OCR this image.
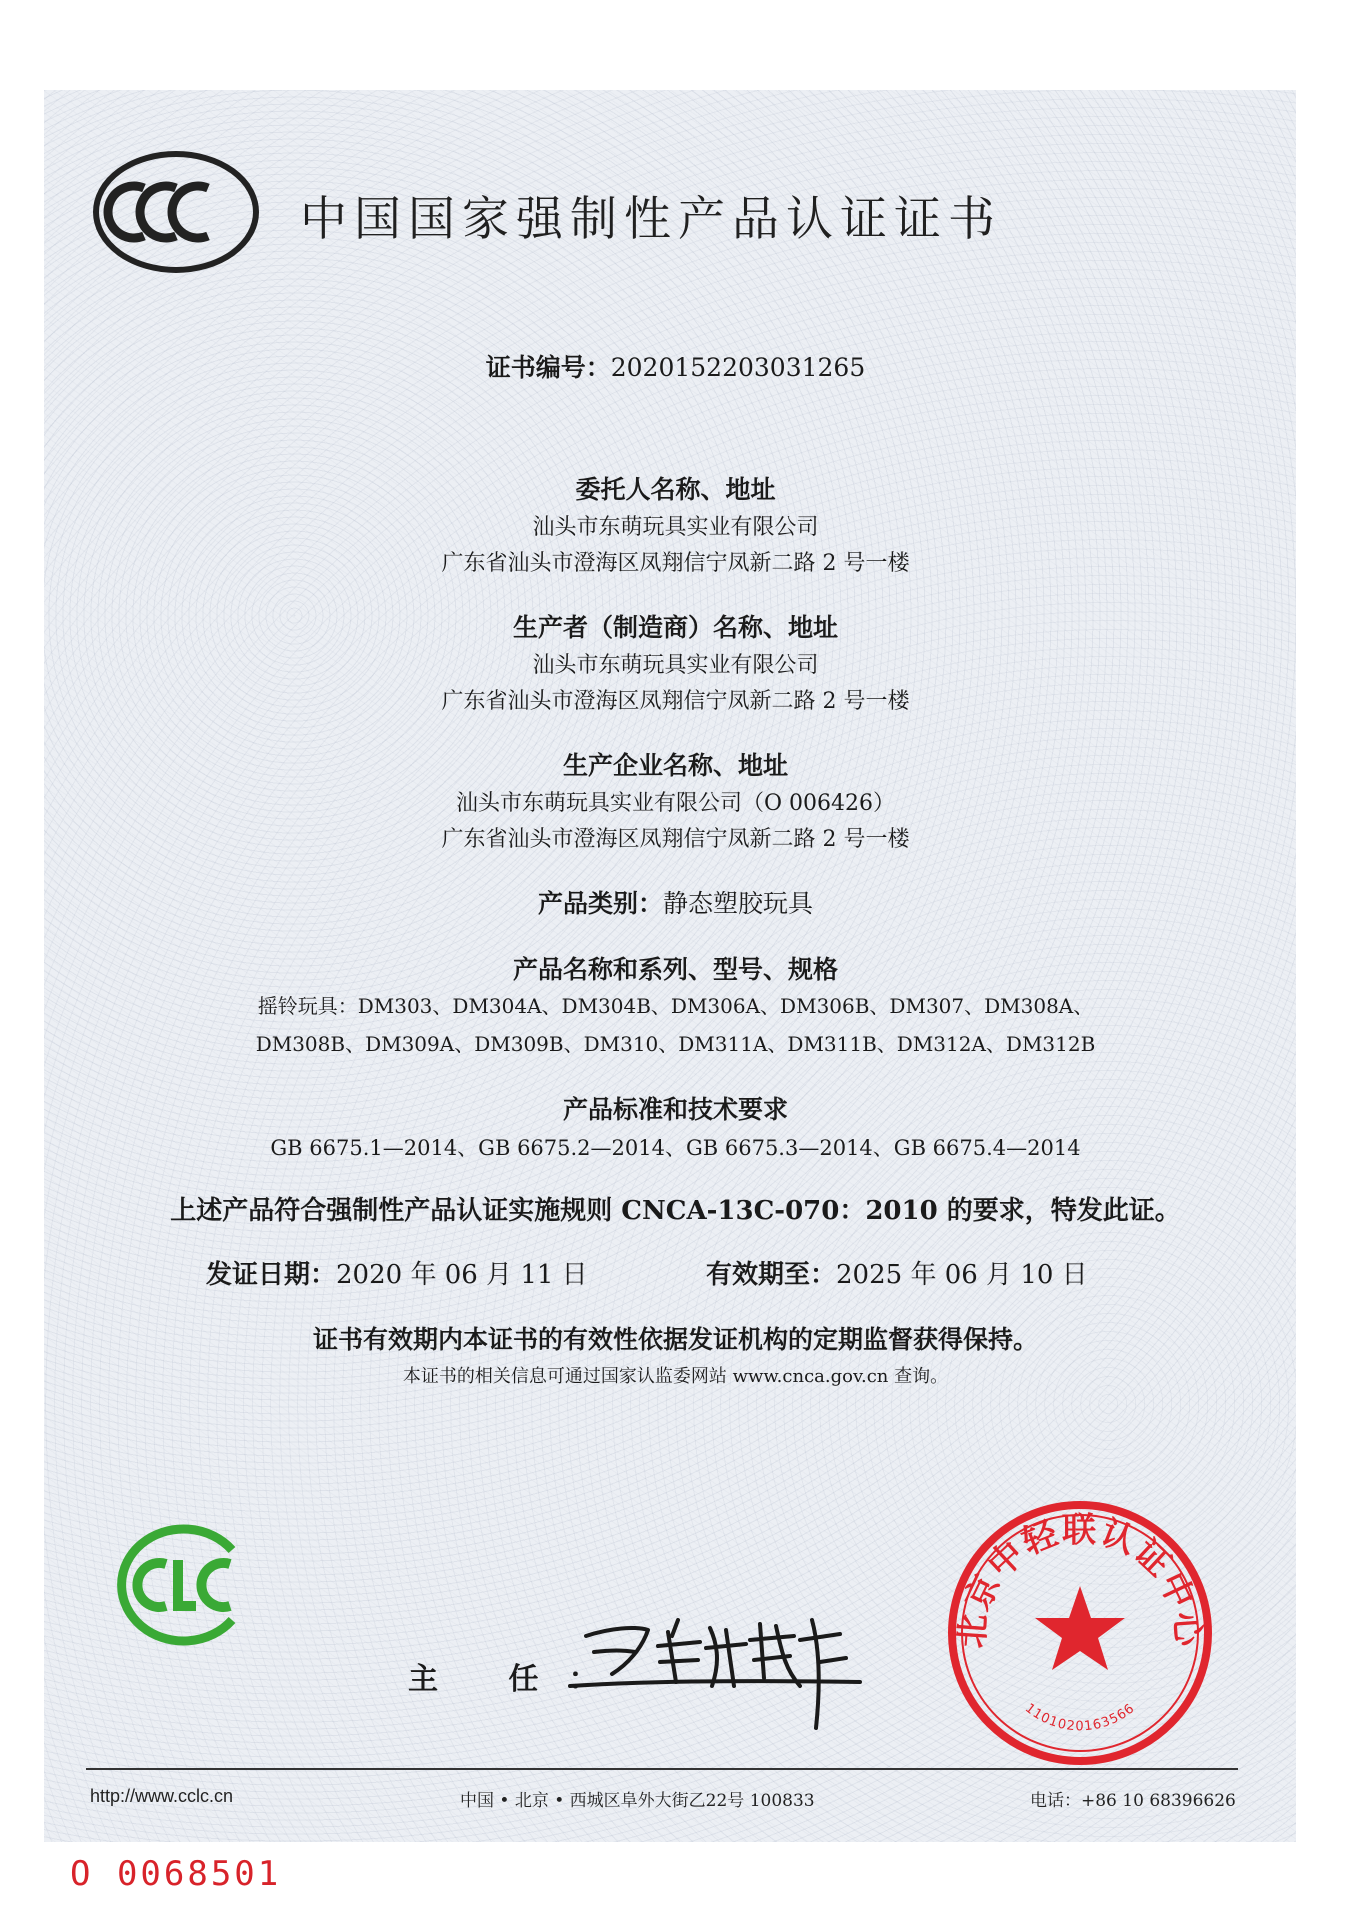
中国国家强制性产品认证证书
证书编号：2020152203031265
委托人名称、地址
汕头市东萌玩具实业有限公司
广东省汕头市澄海区凤翔信宁凤新二路 2 号一楼
生产者（制造商）名称、地址
汕头市东萌玩具实业有限公司
广东省汕头市澄海区凤翔信宁凤新二路 2 号一楼
生产企业名称、地址
汕头市东萌玩具实业有限公司（O 006426）
广东省汕头市澄海区凤翔信宁凤新二路 2 号一楼
产品类别：静态塑胶玩具
产品名称和系列、型号、规格
摇铃玩具：DM303、DM304A、DM304B、DM306A、DM306B、DM307、DM308A、
DM308B、DM309A、DM309B、DM310、DM311A、DM311B、DM312A、DM312B
产品标准和技术要求
GB 6675.1—2014、GB 6675.2—2014、GB 6675.3—2014、GB 6675.4—2014
上述产品符合强制性产品认证实施规则 CNCA-13C-070：2010 的要求，特发此证。
发证日期：2020 年 06 月 11 日	有效期至：2025 年 06 月 10 日
证书有效期内本证书的有效性依据发证机构的定期监督获得保持。
本证书的相关信息可通过国家认监委网站 www.cnca.gov.cn 查询。
主 任：
北京中轻联认证中心
1101020163566
http://www.cclc.cn	中国 • 北京 • 西城区阜外大街乙22号 100833	电话：+86 10 68396626
O 0068501
